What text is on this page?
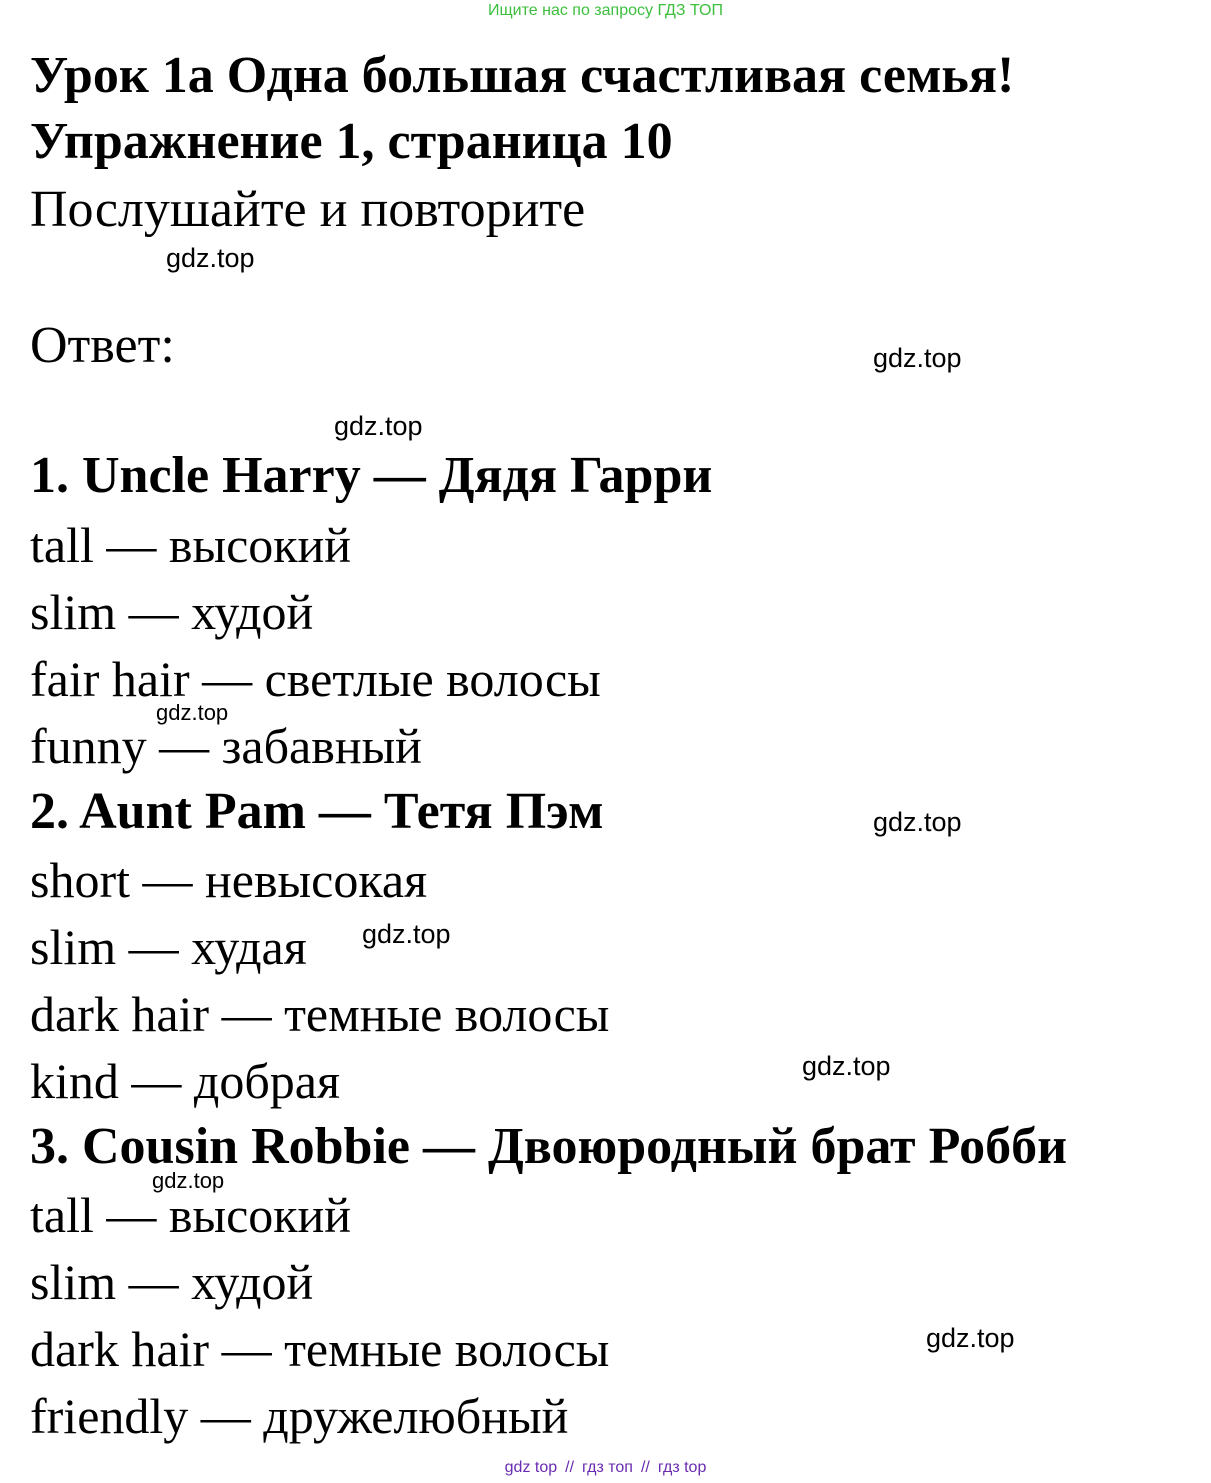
Ищите нас по запросу ГДЗ ТОП
Урок 1a Одна большая счастливая семья!
Упражнение 1, страница 10
Послушайте и повторите
Ответ:
1. Uncle Harry — Дядя Гарри
tall — высокий
slim — худой
fair hair — светлые волосы
funny — забавный
2. Aunt Pam — Тетя Пэм
short — невысокая
slim — худая
dark hair — темные волосы
kind — добрая
3. Cousin Robbie — Двоюродный брат Робби
tall — высокий
slim — худой
dark hair — темные волосы
friendly — дружелюбный
gdz.top
gdz.top
gdz.top
gdz.top
gdz.top
gdz.top
gdz.top
gdz.top
gdz.top
gdz top // гдз топ // гдз top
